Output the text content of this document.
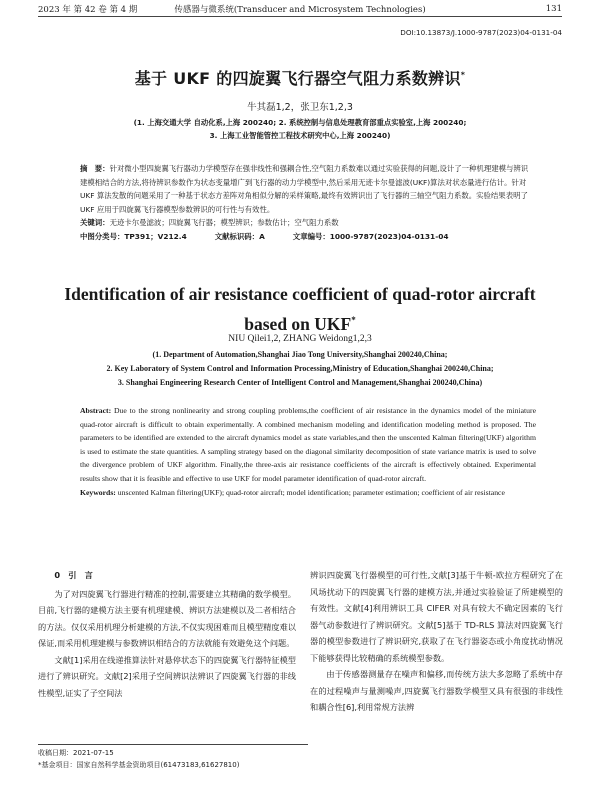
2023 年 第 42 卷 第 4 期	传感器与微系统(Transducer and Microsystem Technologies)	131
DOI:10.13873/J.1000-9787(2023)04-0131-04
基于 UKF 的四旋翼飞行器空气阻力系数辨识*
牛其磊1,2，张卫东1,2,3
(1. 上海交通大学 自动化系,上海 200240; 2. 系统控制与信息处理教育部重点实验室,上海 200240;
3. 上海工业智能管控工程技术研究中心,上海 200240)
摘　要：针对微小型四旋翼飞行器动力学模型存在强非线性和强耦合性,空气阻力系数难以通过实验获得的问题,设计了一种机理建模与辨识建模相结合的方法,将待辨识参数作为状态变量增广到飞行器的动力学模型中,然后采用无迹卡尔曼滤波(UKF)算法对状态量进行估计。针对 UKF 算法发散的问题采用了一种基于状态方差阵对角相似分解的采样策略,最终有效辨识出了飞行器的三轴空气阻力系数。实验结果表明了 UKF 应用于四旋翼飞行器模型参数辨识的可行性与有效性。
关键词：无迹卡尔曼滤波；四旋翼飞行器；模型辨识；参数估计；空气阻力系数
中图分类号：TP391；V212.4	文献标识码：A	文章编号：1000-9787(2023)04-0131-04
Identification of air resistance coefficient of quad-rotor aircraft based on UKF*
NIU Qilei1,2, ZHANG Weidong1,2,3
(1. Department of Automation,Shanghai Jiao Tong University,Shanghai 200240,China;
2. Key Laboratory of System Control and Information Processing,Ministry of Education,Shanghai 200240,China;
3. Shanghai Engineering Research Center of Intelligent Control and Management,Shanghai 200240,China)
Abstract: Due to the strong nonlinearity and strong coupling problems,the coefficient of air resistance in the dynamics model of the miniature quad-rotor aircraft is difficult to obtain experimentally. A combined mechanism modeling and identification modeling method is proposed. The parameters to be identified are extended to the aircraft dynamics model as state variables,and then the unscented Kalman filtering(UKF) algorithm is used to estimate the state quantities. A sampling strategy based on the diagonal similarity decomposition of state variance matrix is used to solve the divergence problem of UKF algorithm. Finally,the three-axis air resistance coefficients of the aircraft is effectively obtained. Experimental results show that it is feasible and effective to use UKF for model parameter identification of quad-rotor aircraft.
Keywords: unscented Kalman filtering(UKF); quad-rotor aircraft; model identification; parameter estimation; coefficient of air resistance

0　引　言

为了对四旋翼飞行器进行精准的控制,需要建立其精确的数学模型。目前,飞行器的建模方法主要有机理建模、辨识方法建模以及二者相结合的方法。仅仅采用机理分析建模的方法,不仅实现困难而且模型精度难以保证,而采用机理建模与参数辨识相结合的方法就能有效避免这个问题。

文献[1]采用在线递推算法针对悬停状态下的四旋翼飞行器特征模型进行了辨识研究。文献[2]采用子空间辨识法辨识了四旋翼飞行器的非线性模型,证实了子空间法

辨识四旋翼飞行器模型的可行性,文献[3]基于牛顿-欧拉方程研究了在风场扰动下的四旋翼飞行器的建模方法,并通过实验验证了所建模型的有效性。文献[4]利用辨识工具 CIFER 对具有较大不确定因素的飞行器气动参数进行了辨识研究。文献[5]基于 TD-RLS 算法对四旋翼飞行器的模型参数进行了辨识研究,获取了在飞行器姿态或小角度扰动情况下能够获得比较精确的系统模型参数。

由于传感器测量存在噪声和偏移,而传统方法大多忽略了系统中存在的过程噪声与量测噪声,四旋翼飞行器数学模型又具有很强的非线性和耦合性[6],利用常规方法辨

收稿日期：2021-07-15
*基金项目：国家自然科学基金资助项目(61473183,61627810)
